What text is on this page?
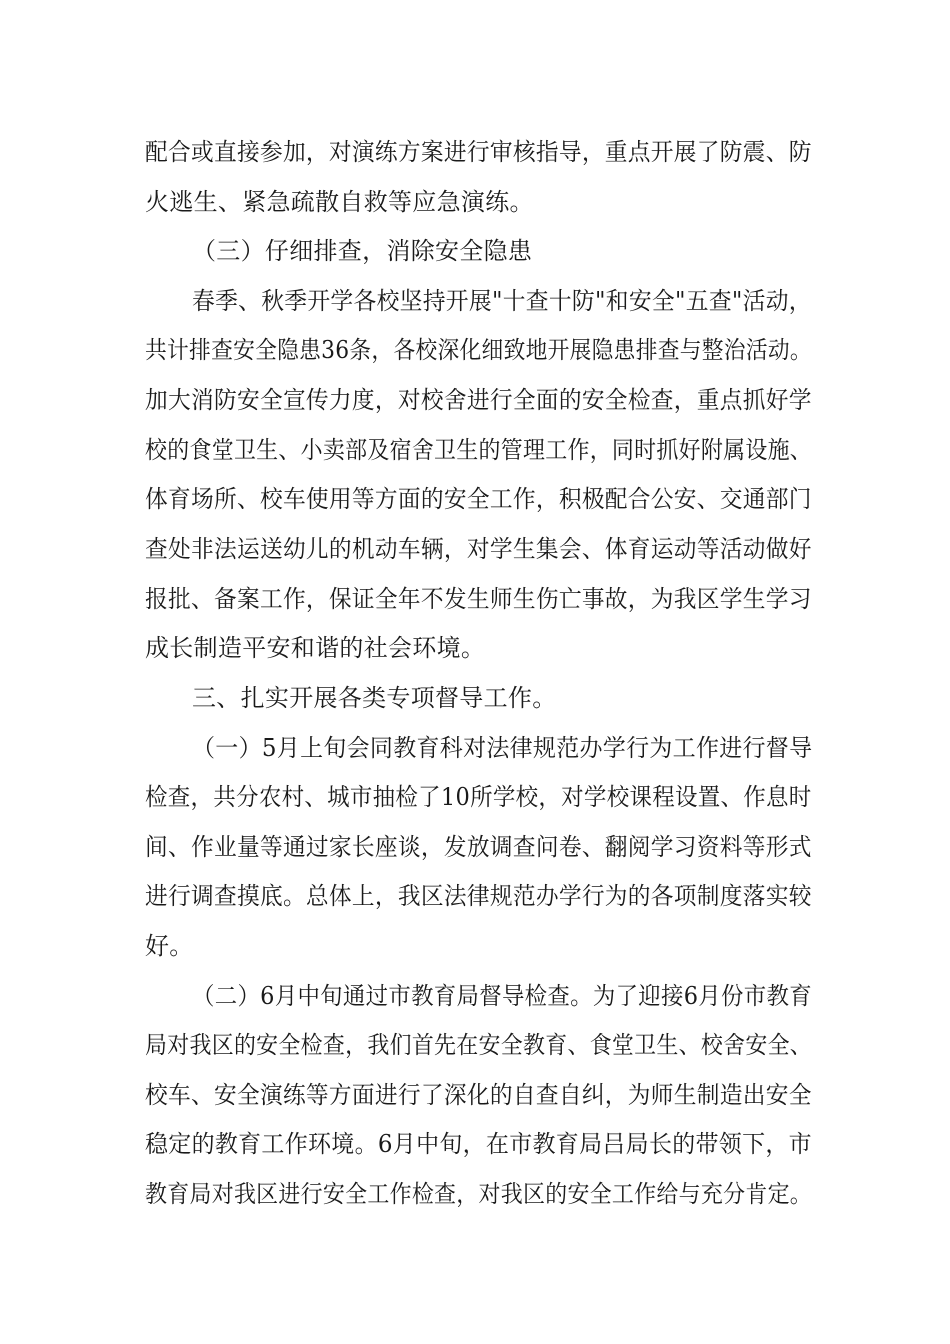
配合或直接参加，对演练方案进行审核指导，重点开展了防震、防
火逃生、紧急疏散自救等应急演练。
（三）仔细排查，消除安全隐患
春季、秋季开学各校坚持开展"十查十防"和安全"五查"活动，
共计排查安全隐患36条，各校深化细致地开展隐患排查与整治活动。
加大消防安全宣传力度，对校舍进行全面的安全检查，重点抓好学
校的食堂卫生、小卖部及宿舍卫生的管理工作，同时抓好附属设施、
体育场所、校车使用等方面的安全工作，积极配合公安、交通部门
查处非法运送幼儿的机动车辆，对学生集会、体育运动等活动做好
报批、备案工作，保证全年不发生师生伤亡事故，为我区学生学习
成长制造平安和谐的社会环境。
三、扎实开展各类专项督导工作。
（一）5月上旬会同教育科对法律规范办学行为工作进行督导
检查，共分农村、城市抽检了10所学校，对学校课程设置、作息时
间、作业量等通过家长座谈，发放调查问卷、翻阅学习资料等形式
进行调查摸底。总体上，我区法律规范办学行为的各项制度落实较
好。
（二）6月中旬通过市教育局督导检查。为了迎接6月份市教育
局对我区的安全检查，我们首先在安全教育、食堂卫生、校舍安全、
校车、安全演练等方面进行了深化的自查自纠，为师生制造出安全
稳定的教育工作环境。6月中旬，在市教育局吕局长的带领下，市
教育局对我区进行安全工作检查，对我区的安全工作给与充分肯定。
